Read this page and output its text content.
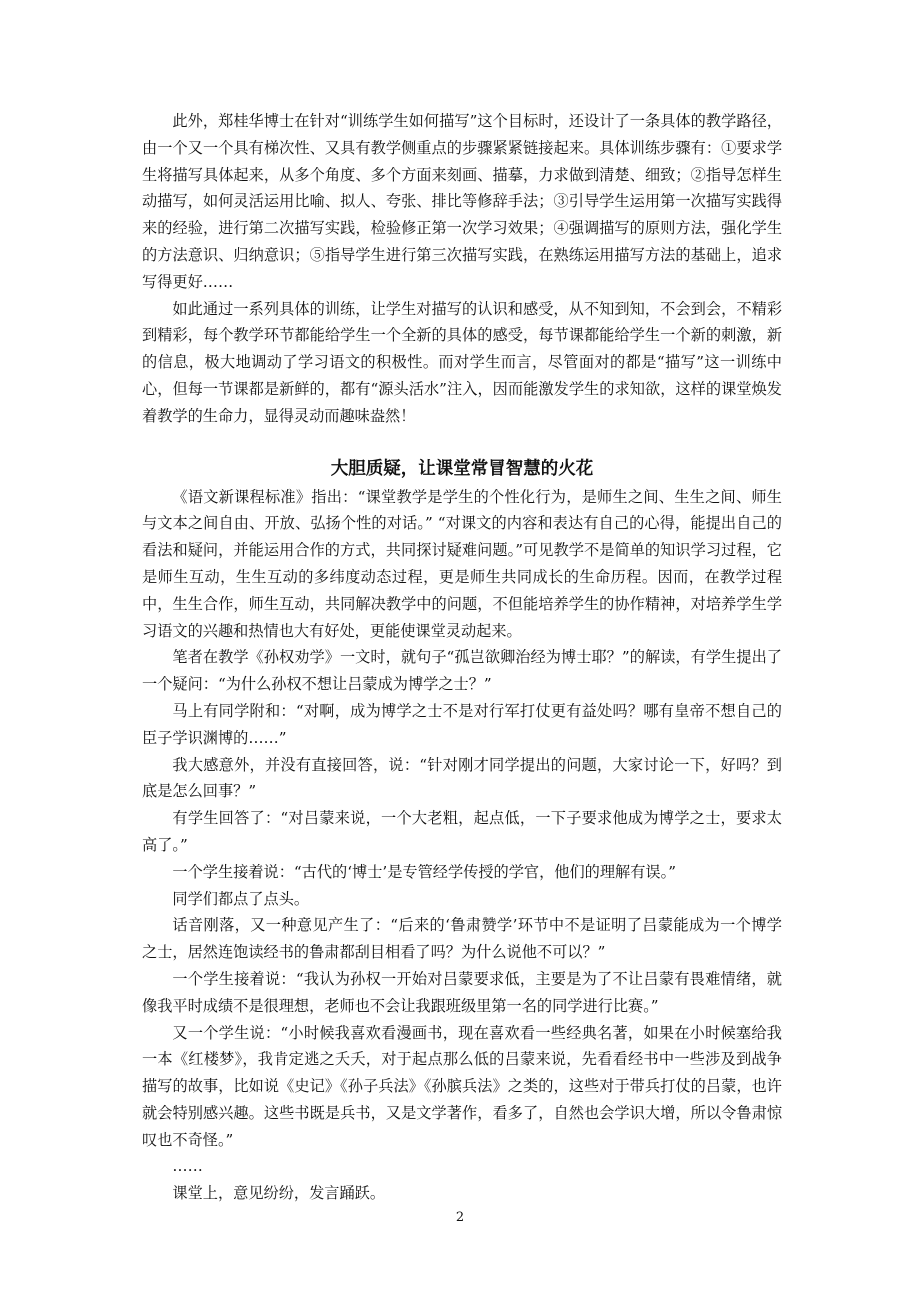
此外，郑桂华博士在针对“训练学生如何描写”这个目标时，还设计了一条具体的教学路径，由一个又一个具有梯次性、又具有教学侧重点的步骤紧紧链接起来。具体训练步骤有：①要求学生将描写具体起来，从多个角度、多个方面来刻画、描摹，力求做到清楚、细致；②指导怎样生动描写，如何灵活运用比喻、拟人、夸张、排比等修辞手法；③引导学生运用第一次描写实践得来的经验，进行第二次描写实践，检验修正第一次学习效果；④强调描写的原则方法，强化学生的方法意识、归纳意识；⑤指导学生进行第三次描写实践，在熟练运用描写方法的基础上，追求写得更好……

如此通过一系列具体的训练，让学生对描写的认识和感受，从不知到知，不会到会，不精彩到精彩，每个教学环节都能给学生一个全新的具体的感受，每节课都能给学生一个新的刺激，新的信息，极大地调动了学习语文的积极性。而对学生而言，尽管面对的都是“描写”这一训练中心，但每一节课都是新鲜的，都有“源头活水”注入，因而能激发学生的求知欲，这样的课堂焕发着教学的生命力，显得灵动而趣味盎然！

大胆质疑，让课堂常冒智慧的火花

《语文新课程标准》指出：“课堂教学是学生的个性化行为，是师生之间、生生之间、师生与文本之间自由、开放、弘扬个性的对话。” “对课文的内容和表达有自己的心得，能提出自己的看法和疑问，并能运用合作的方式，共同探讨疑难问题。”可见教学不是简单的知识学习过程，它是师生互动，生生互动的多纬度动态过程，更是师生共同成长的生命历程。因而，在教学过程中，生生合作，师生互动，共同解决教学中的问题，不但能培养学生的协作精神，对培养学生学习语文的兴趣和热情也大有好处，更能使课堂灵动起来。

笔者在教学《孙权劝学》一文时，就句子“孤岂欲卿治经为博士耶？”的解读，有学生提出了一个疑问：“为什么孙权不想让吕蒙成为博学之士？”

马上有同学附和：“对啊，成为博学之士不是对行军打仗更有益处吗？哪有皇帝不想自己的臣子学识渊博的……”

我大感意外，并没有直接回答，说：“针对刚才同学提出的问题，大家讨论一下，好吗？到底是怎么回事？”

有学生回答了：“对吕蒙来说，一个大老粗，起点低，一下子要求他成为博学之士，要求太高了。”

一个学生接着说：“古代的‘博士’是专管经学传授的学官，他们的理解有误。”

同学们都点了点头。

话音刚落，又一种意见产生了：“后来的‘鲁肃赞学’环节中不是证明了吕蒙能成为一个博学之士，居然连饱读经书的鲁肃都刮目相看了吗？为什么说他不可以？”

一个学生接着说：“我认为孙权一开始对吕蒙要求低，主要是为了不让吕蒙有畏难情绪，就像我平时成绩不是很理想，老师也不会让我跟班级里第一名的同学进行比赛。”

又一个学生说：“小时候我喜欢看漫画书，现在喜欢看一些经典名著，如果在小时候塞给我一本《红楼梦》，我肯定逃之夭夭，对于起点那么低的吕蒙来说，先看看经书中一些涉及到战争描写的故事，比如说《史记》《孙子兵法》《孙膑兵法》之类的，这些对于带兵打仗的吕蒙，也许就会特别感兴趣。这些书既是兵书，又是文学著作，看多了，自然也会学识大增，所以令鲁肃惊叹也不奇怪。”

……

课堂上，意见纷纷，发言踊跃。

2
